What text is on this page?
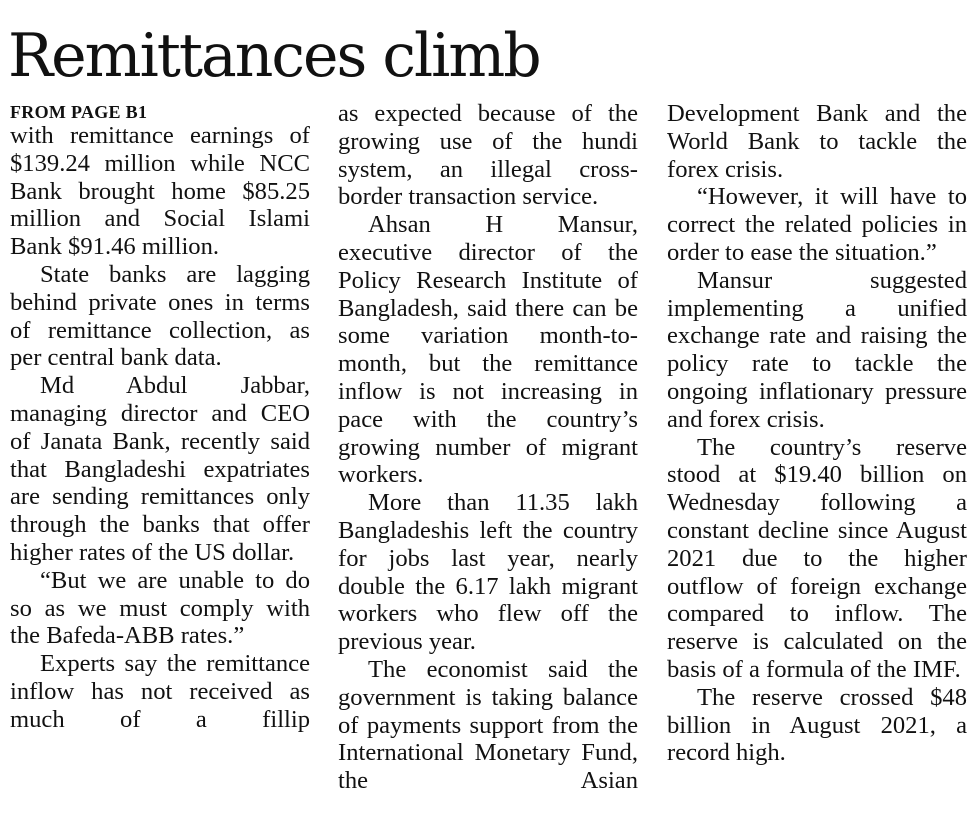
Remittances climb
FROM PAGE B1

with remittance earnings of $139.24 million while NCC Bank brought home $85.25 million and Social Islami Bank $91.46 million.

State banks are lagging behind private ones in terms of remittance collection, as per central bank data.

Md Abdul Jabbar, managing director and CEO of Janata Bank, recently said that Bangladeshi expatriates are sending remittances only through the banks that offer higher rates of the US dollar.

“But we are unable to do so as we must comply with the Bafeda-ABB rates.”

Experts say the remittance inflow has not received as much of a fillip

as expected because of the growing use of the hundi system, an illegal cross-border transaction service.

Ahsan H Mansur, executive director of the Policy Research Institute of Bangladesh, said there can be some variation month-to-month, but the remittance inflow is not increasing in pace with the country’s growing number of migrant workers.

More than 11.35 lakh Bangladeshis left the country for jobs last year, nearly double the 6.17 lakh migrant workers who flew off the previous year.

The economist said the government is taking balance of payments support from the International Monetary Fund, the Asian

Development Bank and the World Bank to tackle the forex crisis.

“However, it will have to correct the related policies in order to ease the situation.”

Mansur suggested implementing a unified exchange rate and raising the policy rate to tackle the ongoing inflationary pressure and forex crisis.

The country’s reserve stood at $19.40 billion on Wednesday following a constant decline since August 2021 due to the higher outflow of foreign exchange compared to inflow. The reserve is calculated on the basis of a formula of the IMF.

The reserve crossed $48 billion in August 2021, a record high.
